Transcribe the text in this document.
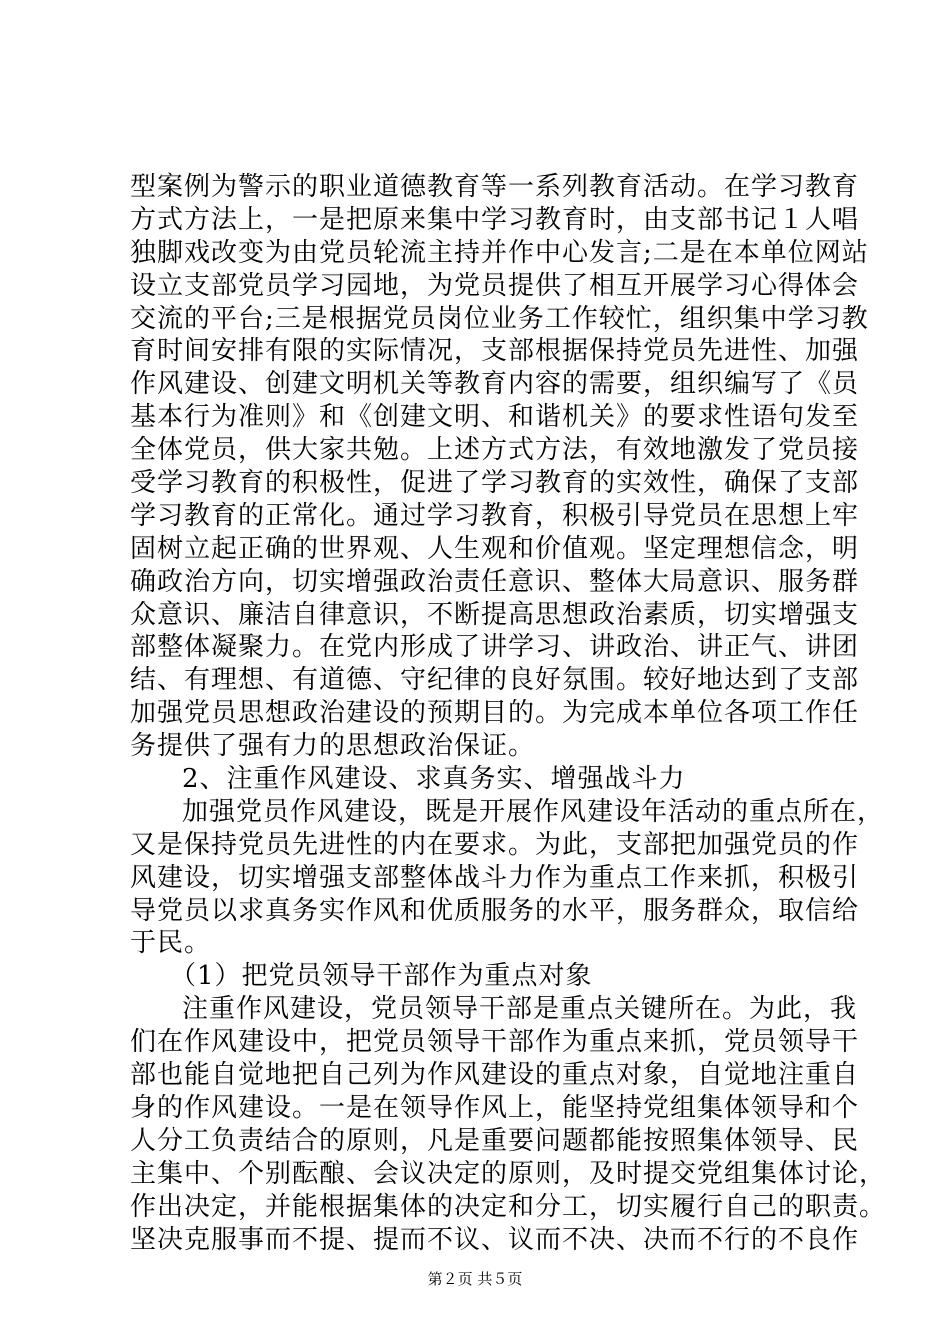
型案例为警示的职业道德教育等一系列教育活动。在学习教育
方式方法上，一是把原来集中学习教育时，由支部书记１人唱
独脚戏改变为由党员轮流主持并作中心发言;二是在本单位网站
设立支部党员学习园地，为党员提供了相互开展学习心得体会
交流的平台;三是根据党员岗位业务工作较忙，组织集中学习教
育时间安排有限的实际情况，支部根据保持党员先进性、加强
作风建设、创建文明机关等教育内容的需要，组织编写了《员
基本行为准则》和《创建文明、和谐机关》的要求性语句发至
全体党员，供大家共勉。上述方式方法，有效地激发了党员接
受学习教育的积极性，促进了学习教育的实效性，确保了支部
学习教育的正常化。通过学习教育，积极引导党员在思想上牢
固树立起正确的世界观、人生观和价值观。坚定理想信念，明
确政治方向，切实增强政治责任意识、整体大局意识、服务群
众意识、廉洁自律意识，不断提高思想政治素质，切实增强支
部整体凝聚力。在党内形成了讲学习、讲政治、讲正气、讲团
结、有理想、有道德、守纪律的良好氛围。较好地达到了支部
加强党员思想政治建设的预期目的。为完成本单位各项工作任
务提供了强有力的思想政治保证。
2、注重作风建设、求真务实、增强战斗力
加强党员作风建设，既是开展作风建设年活动的重点所在，
又是保持党员先进性的内在要求。为此，支部把加强党员的作
风建设，切实增强支部整体战斗力作为重点工作来抓，积极引
导党员以求真务实作风和优质服务的水平，服务群众，取信给
于民。
（1）把党员领导干部作为重点对象
注重作风建设，党员领导干部是重点关键所在。为此，我
们在作风建设中，把党员领导干部作为重点来抓，党员领导干
部也能自觉地把自己列为作风建设的重点对象，自觉地注重自
身的作风建设。一是在领导作风上，能坚持党组集体领导和个
人分工负责结合的原则，凡是重要问题都能按照集体领导、民
主集中、个别酝酿、会议决定的原则，及时提交党组集体讨论，
作出决定，并能根据集体的决定和分工，切实履行自己的职责。
坚决克服事而不提、提而不议、议而不决、决而不行的不良作
第２页 共５页
